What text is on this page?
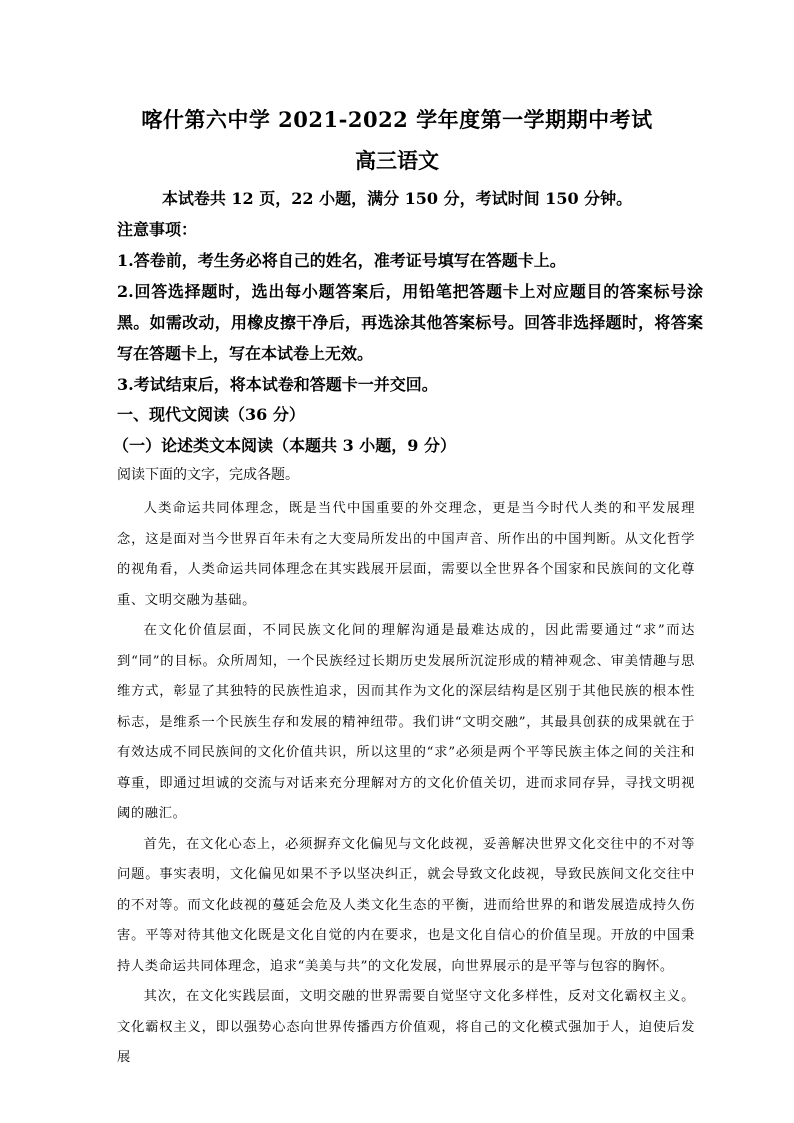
喀什第六中学 2021-2022 学年度第一学期期中考试
高三语文
本试卷共 12 页，22 小题，满分 150 分，考试时间 150 分钟。
注意事项：
1.答卷前，考生务必将自己的姓名，准考证号填写在答题卡上。
2.回答选择题时，选出每小题答案后，用铅笔把答题卡上对应题目的答案标号涂黑。如需改动，用橡皮擦干净后，再选涂其他答案标号。回答非选择题时，将答案写在答题卡上，写在本试卷上无效。
3.考试结束后，将本试卷和答题卡一并交回。
一、现代文阅读（36 分）
（一）论述类文本阅读（本题共 3 小题，9 分）
阅读下面的文字，完成各题。

人类命运共同体理念，既是当代中国重要的外交理念，更是当今时代人类的和平发展理念，这是面对当今世界百年未有之大变局所发出的中国声音、所作出的中国判断。从文化哲学的视角看，人类命运共同体理念在其实践展开层面，需要以全世界各个国家和民族间的文化尊重、文明交融为基础。

在文化价值层面，不同民族文化间的理解沟通是最难达成的，因此需要通过“求”而达到“同”的目标。众所周知，一个民族经过长期历史发展所沉淀形成的精神观念、审美情趣与思维方式，彰显了其独特的民族性追求，因而其作为文化的深层结构是区别于其他民族的根本性标志，是维系一个民族生存和发展的精神纽带。我们讲“文明交融”，其最具创获的成果就在于有效达成不同民族间的文化价值共识，所以这里的“求”必须是两个平等民族主体之间的关注和尊重，即通过坦诚的交流与对话来充分理解对方的文化价值关切，进而求同存异，寻找文明视阈的融汇。

首先，在文化心态上，必须摒弃文化偏见与文化歧视，妥善解决世界文化交往中的不对等问题。事实表明，文化偏见如果不予以坚决纠正，就会导致文化歧视，导致民族间文化交往中的不对等。而文化歧视的蔓延会危及人类文化生态的平衡，进而给世界的和谐发展造成持久伤害。平等对待其他文化既是文化自觉的内在要求，也是文化自信心的价值呈现。开放的中国秉持人类命运共同体理念，追求“美美与共”的文化发展，向世界展示的是平等与包容的胸怀。

其次，在文化实践层面，文明交融的世界需要自觉坚守文化多样性，反对文化霸权主义。文化霸权主义，即以强势心态向世界传播西方价值观，将自己的文化模式强加于人，迫使后发展
